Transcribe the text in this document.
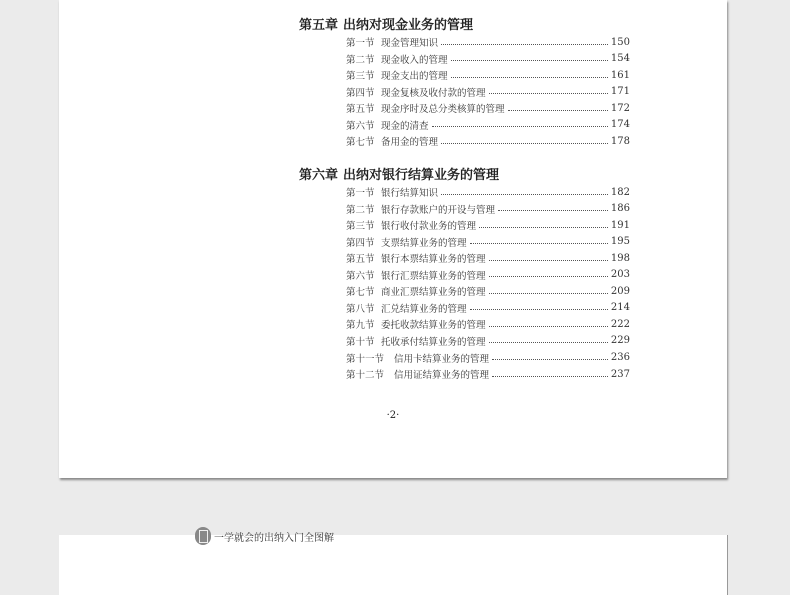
第五章 出纳对现金业务的管理
第一节 现金管理知识	150
第二节 现金收入的管理	154
第三节 现金支出的管理	161
第四节 现金复核及收付款的管理	171
第五节 现金序时及总分类核算的管理	172
第六节 现金的清查	174
第七节 备用金的管理	178
第六章 出纳对银行结算业务的管理
第一节 银行结算知识	182
第二节 银行存款账户的开设与管理	186
第三节 银行收付款业务的管理	191
第四节 支票结算业务的管理	195
第五节 银行本票结算业务的管理	198
第六节 银行汇票结算业务的管理	203
第七节 商业汇票结算业务的管理	209
第八节 汇兑结算业务的管理	214
第九节 委托收款结算业务的管理	222
第十节 托收承付结算业务的管理	229
第十一节	信用卡结算业务的管理	236
第十二节	信用证结算业务的管理	237
·2·
一学就会的出纳入门全图解
